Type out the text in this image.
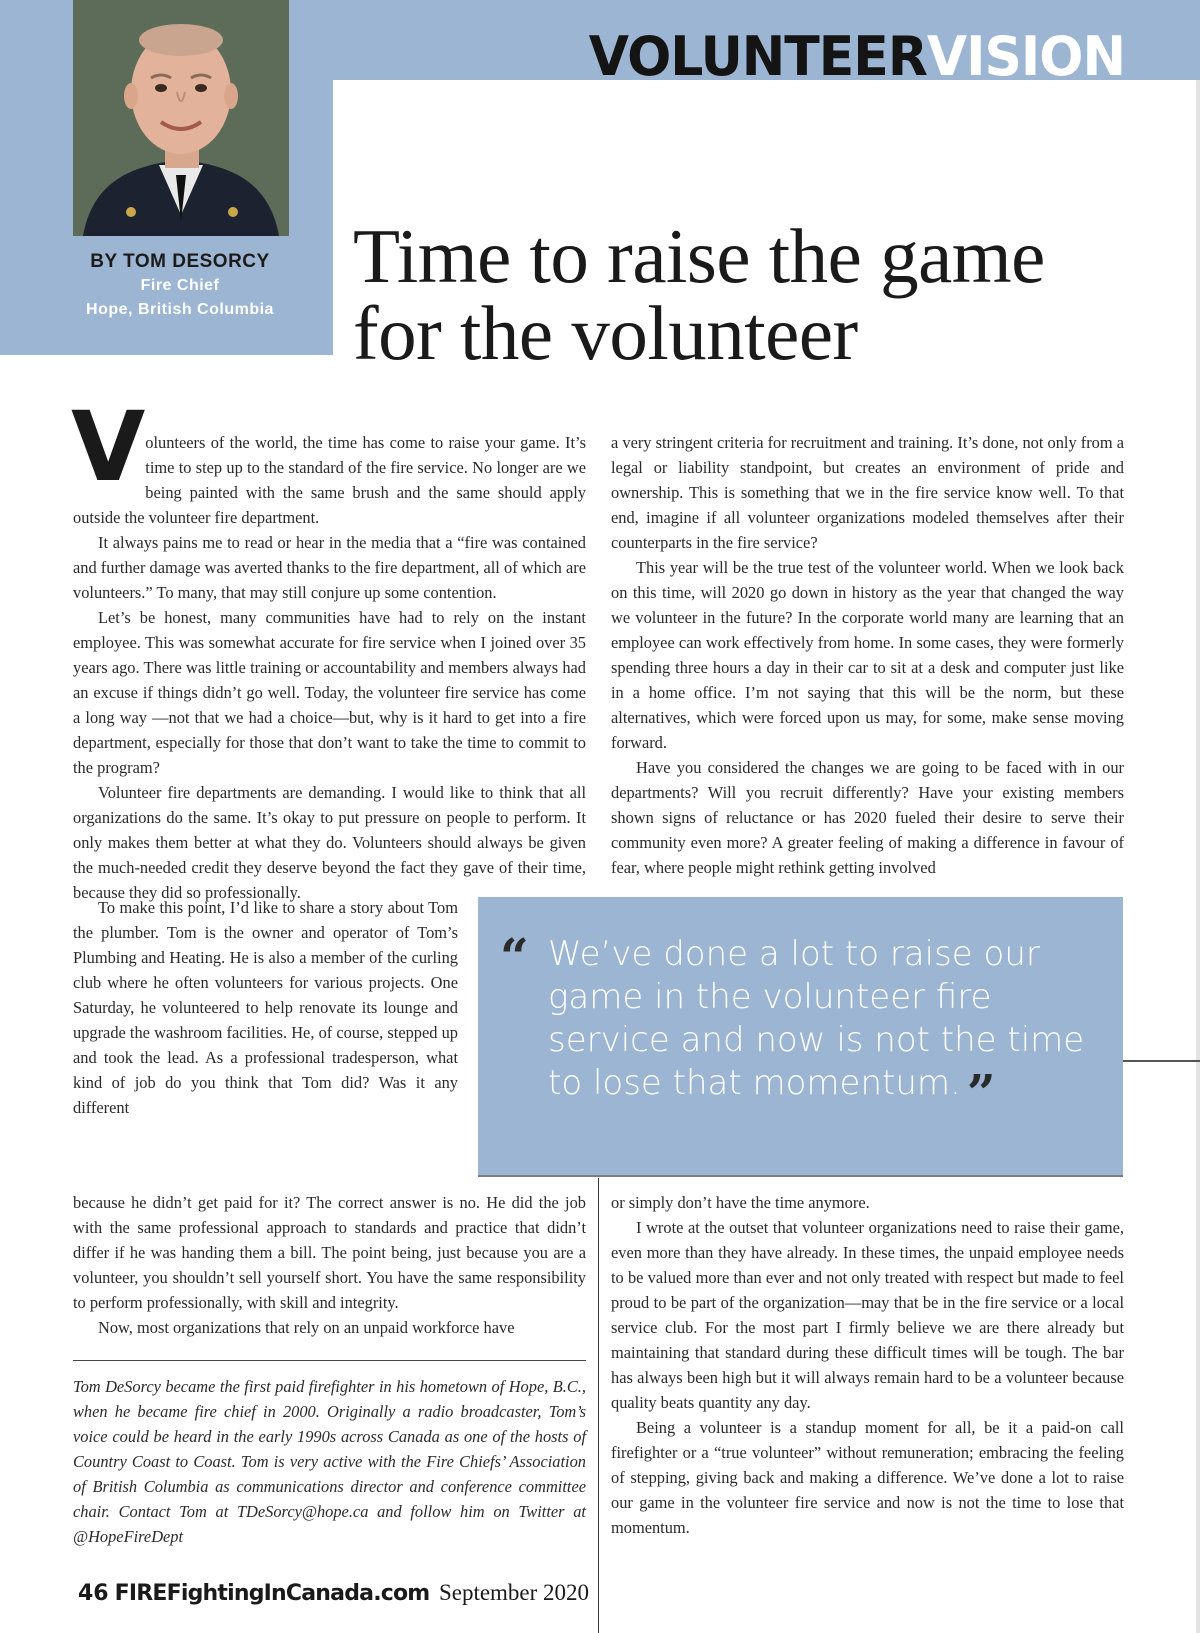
VOLUNTEERVISION
BY TOM DESORCY
Fire Chief
Hope, British Columbia
Time to raise the game
for the volunteer

Volunteers of the world, the time has come to raise your game. It’s time to step up to the standard of the fire service. No longer are we being painted with the same brush and the same should apply outside the volunteer fire department.

It always pains me to read or hear in the media that a “fire was contained and further damage was averted thanks to the fire department, all of which are volunteers.” To many, that may still conjure up some contention.

Let’s be honest, many communities have had to rely on the instant employee. This was somewhat accurate for fire service when I joined over 35 years ago. There was little training or accountability and members always had an excuse if things didn’t go well. Today, the volunteer fire service has come a long way —not that we had a choice—but, why is it hard to get into a fire department, especially for those that don’t want to take the time to commit to the program?

Volunteer fire departments are demanding. I would like to think that all organizations do the same. It’s okay to put pressure on people to perform. It only makes them better at what they do. Volunteers should always be given the much-needed credit they deserve beyond the fact they gave of their time, because they did so professionally.

To make this point, I’d like to share a story about Tom the plumber. Tom is the owner and operator of Tom’s Plumbing and Heating. He is also a member of the curling club where he often volunteers for various projects. One Saturday, he volunteered to help renovate its lounge and upgrade the washroom facilities. He, of course, stepped up and took the lead. As a professional tradesperson, what kind of job do you think that Tom did? Was it any different

because he didn’t get paid for it? The correct answer is no. He did the job with the same professional approach to standards and practice that didn’t differ if he was handing them a bill. The point being, just because you are a volunteer, you shouldn’t sell yourself short. You have the same responsibility to perform professionally, with skill and integrity.

Now, most organizations that rely on an unpaid workforce have

a very stringent criteria for recruitment and training. It’s done, not only from a legal or liability standpoint, but creates an environment of pride and ownership. This is something that we in the fire service know well. To that end, imagine if all volunteer organizations modeled themselves after their counterparts in the fire service?

This year will be the true test of the volunteer world. When we look back on this time, will 2020 go down in history as the year that changed the way we volunteer in the future? In the corporate world many are learning that an employee can work effectively from home. In some cases, they were formerly spending three hours a day in their car to sit at a desk and computer just like in a home office. I’m not saying that this will be the norm, but these alternatives, which were forced upon us may, for some, make sense moving forward.

Have you considered the changes we are going to be faced with in our departments? Will you recruit differently? Have your existing members shown signs of reluctance or has 2020 fueled their desire to serve their community even more? A greater feeling of making a difference in favour of fear, where people might rethink getting involved

“ We’ve done a lot to raise our game in the volunteer fire service and now is not the time to lose that momentum. ”

or simply don’t have the time anymore.

I wrote at the outset that volunteer organizations need to raise their game, even more than they have already. In these times, the unpaid employee needs to be valued more than ever and not only treated with respect but made to feel proud to be part of the organization—may that be in the fire service or a local service club. For the most part I firmly believe we are there already but maintaining that standard during these difficult times will be tough. The bar has always been high but it will always remain hard to be a volunteer because quality beats quantity any day.

Being a volunteer is a standup moment for all, be it a paid-on call firefighter or a “true volunteer” without remuneration; embracing the feeling of stepping, giving back and making a difference. We’ve done a lot to raise our game in the volunteer fire service and now is not the time to lose that momentum.

Tom DeSorcy became the first paid firefighter in his hometown of Hope, B.C., when he became fire chief in 2000. Originally a radio broadcaster, Tom’s voice could be heard in the early 1990s across Canada as one of the hosts of Country Coast to Coast. Tom is very active with the Fire Chiefs’ Association of British Columbia as communications director and conference committee chair. Contact Tom at TDeSorcy@hope.ca and follow him on Twitter at @HopeFireDept
46 FIREFightingInCanada.com September 2020
